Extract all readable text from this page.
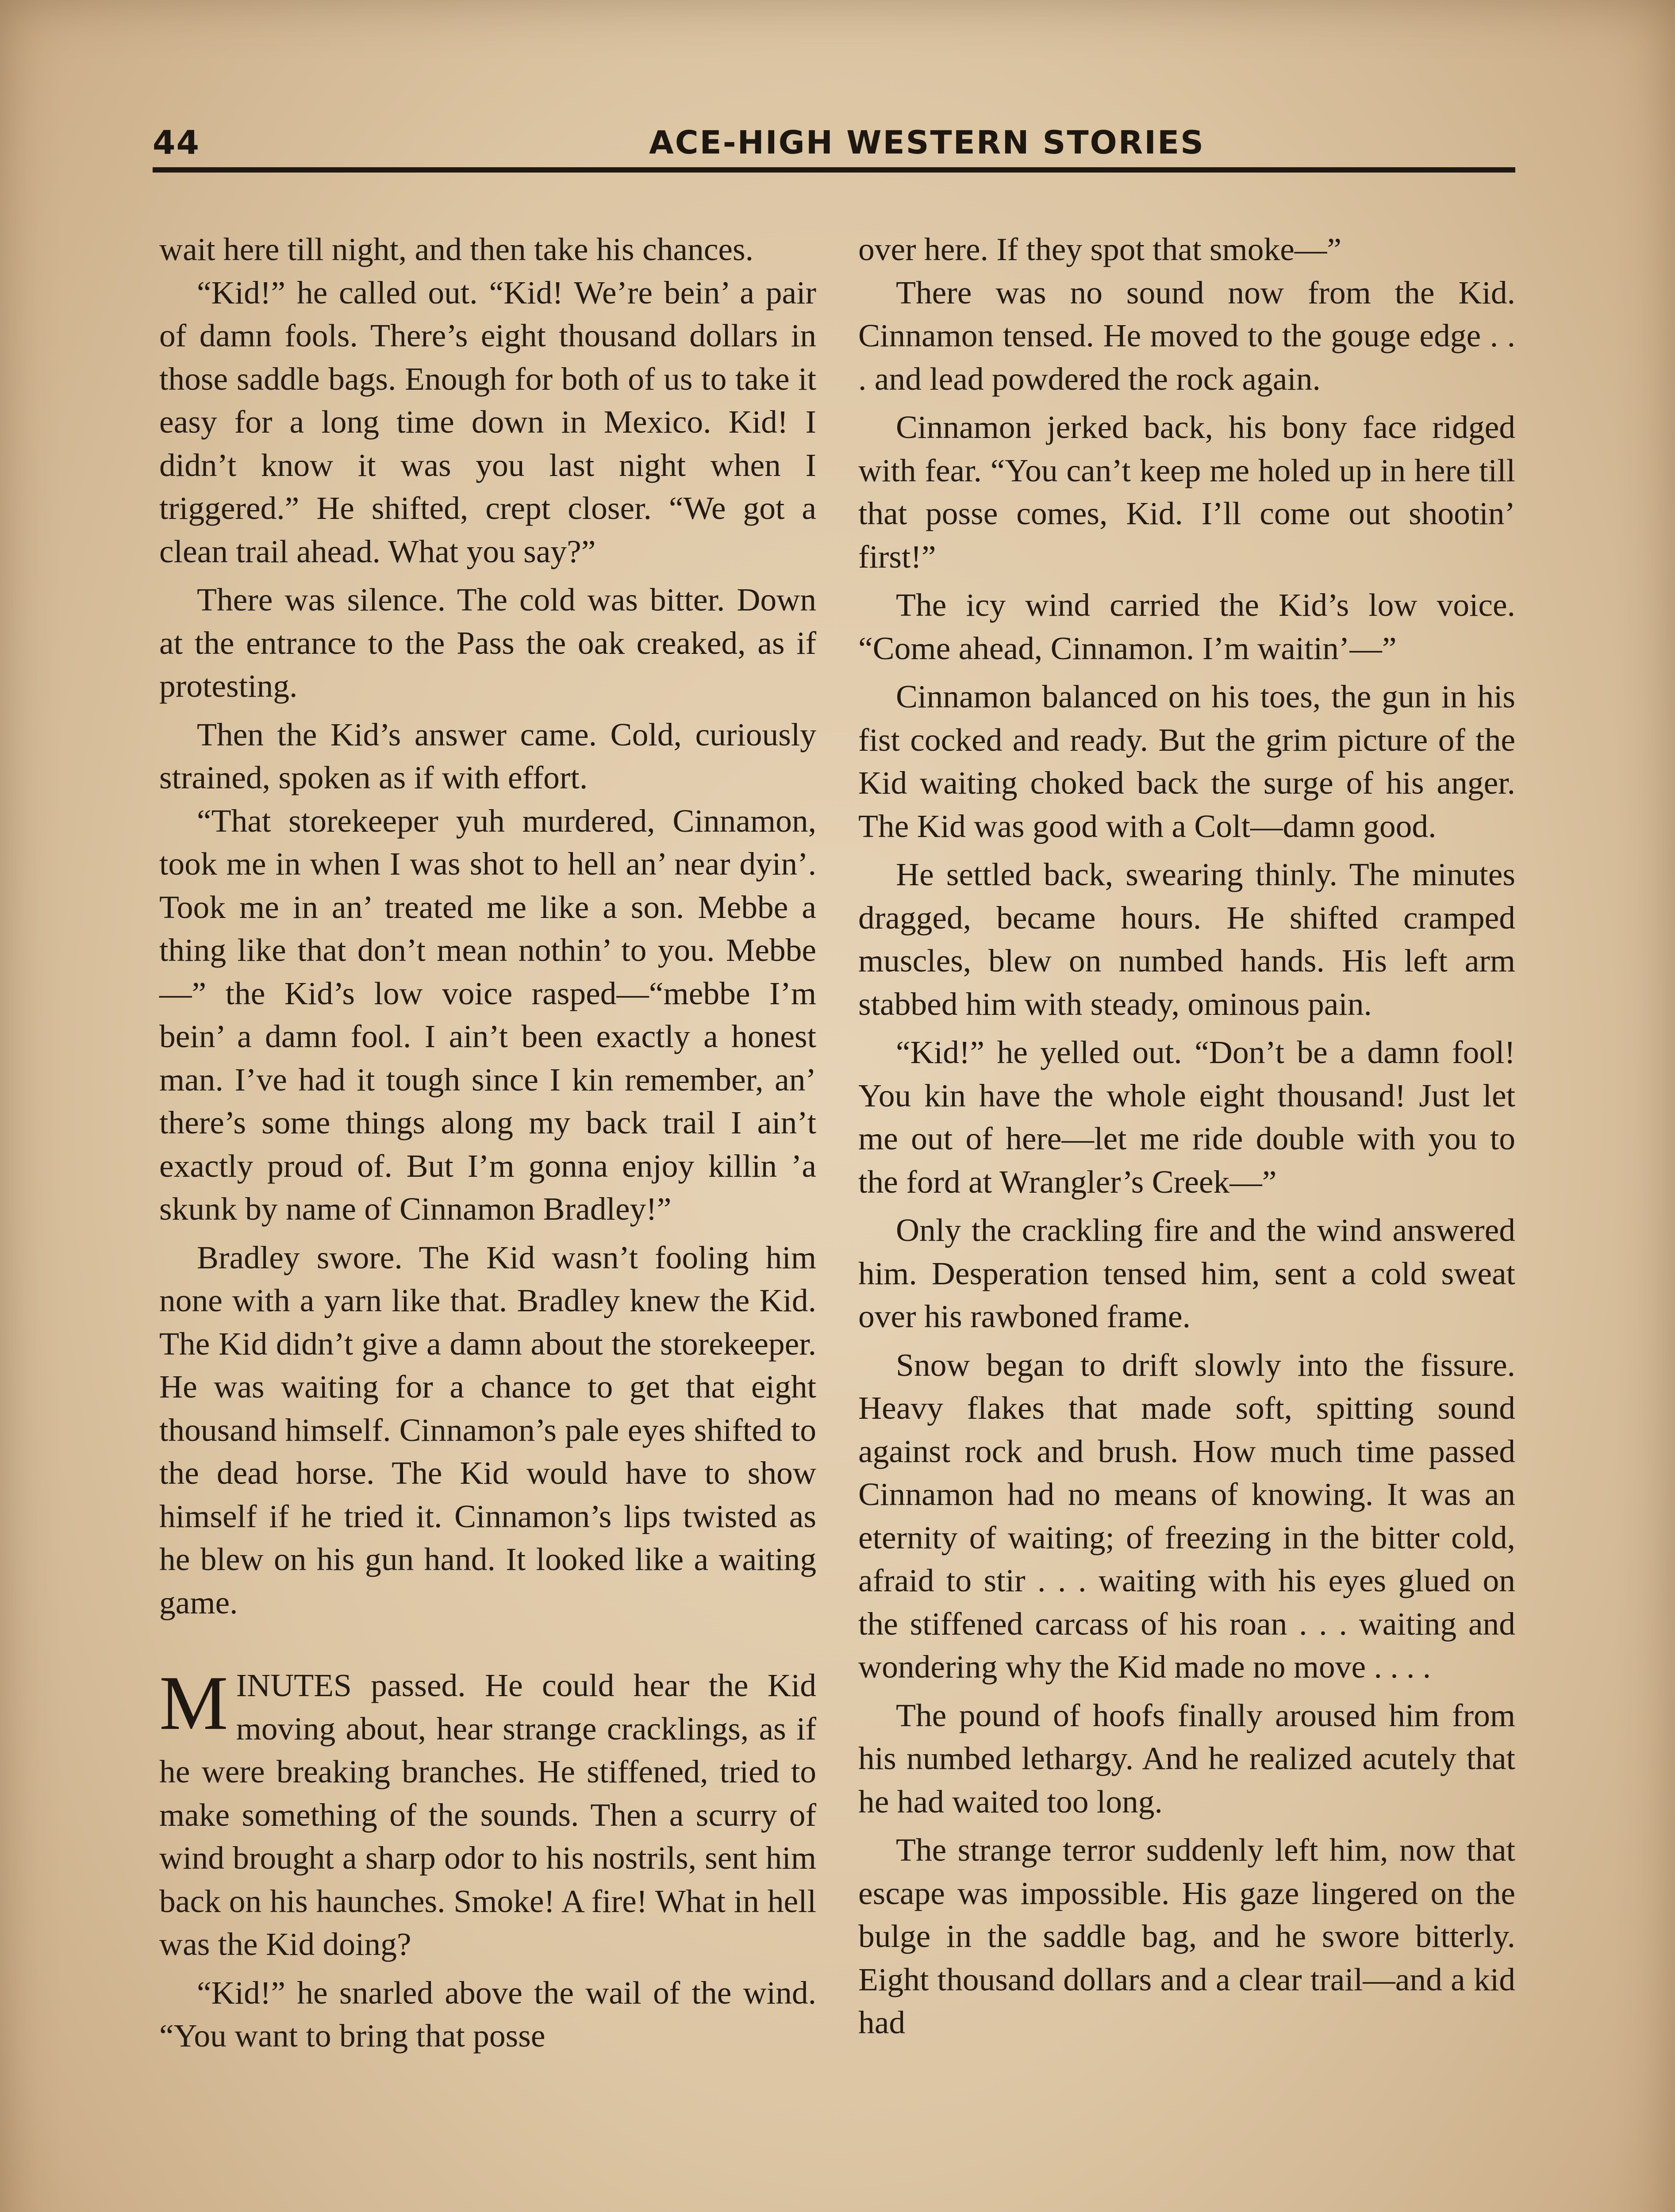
44	ACE-HIGH WESTERN STORIES

wait here till night, and then take his chances.

“Kid!” he called out. “Kid! We’re bein’ a pair of damn fools. There’s eight thousand dollars in those saddle bags. Enough for both of us to take it easy for a long time down in Mexico. Kid! I didn’t know it was you last night when I triggered.” He shifted, crept closer. “We got a clean trail ahead. What you say?”

There was silence. The cold was bitter. Down at the entrance to the Pass the oak creaked, as if protesting.

Then the Kid’s answer came. Cold, curiously strained, spoken as if with effort.

“That storekeeper yuh murdered, Cinnamon, took me in when I was shot to hell an’ near dyin’. Took me in an’ treated me like a son. Mebbe a thing like that don’t mean nothin’ to you. Mebbe—” the Kid’s low voice rasped—“mebbe I’m bein’ a damn fool. I ain’t been exactly a honest man. I’ve had it tough since I kin remember, an’ there’s some things along my back trail I ain’t exactly proud of. But I’m gonna enjoy killin ’a skunk by name of Cinnamon Bradley!”

Bradley swore. The Kid wasn’t fooling him none with a yarn like that. Bradley knew the Kid. The Kid didn’t give a damn about the storekeeper. He was waiting for a chance to get that eight thousand himself. Cinnamon’s pale eyes shifted to the dead horse. The Kid would have to show himself if he tried it. Cinnamon’s lips twisted as he blew on his gun hand. It looked like a waiting game.

MINUTES passed. He could hear the Kid moving about, hear strange cracklings, as if he were breaking branches. He stiffened, tried to make something of the sounds. Then a scurry of wind brought a sharp odor to his nostrils, sent him back on his haunches. Smoke! A fire! What in hell was the Kid doing?

“Kid!” he snarled above the wail of the wind. “You want to bring that posse

over here. If they spot that smoke—”

There was no sound now from the Kid. Cinnamon tensed. He moved to the gouge edge . . . and lead powdered the rock again.

Cinnamon jerked back, his bony face ridged with fear. “You can’t keep me holed up in here till that posse comes, Kid. I’ll come out shootin’ first!”

The icy wind carried the Kid’s low voice. “Come ahead, Cinnamon. I’m waitin’—”

Cinnamon balanced on his toes, the gun in his fist cocked and ready. But the grim picture of the Kid waiting choked back the surge of his anger. The Kid was good with a Colt—damn good.

He settled back, swearing thinly. The minutes dragged, became hours. He shifted cramped muscles, blew on numbed hands. His left arm stabbed him with steady, ominous pain.

“Kid!” he yelled out. “Don’t be a damn fool! You kin have the whole eight thousand! Just let me out of here—let me ride double with you to the ford at Wrangler’s Creek—”

Only the crackling fire and the wind answered him. Desperation tensed him, sent a cold sweat over his rawboned frame.

Snow began to drift slowly into the fissure. Heavy flakes that made soft, spitting sound against rock and brush. How much time passed Cinnamon had no means of knowing. It was an eternity of waiting; of freezing in the bitter cold, afraid to stir . . . waiting with his eyes glued on the stiffened carcass of his roan . . . waiting and wondering why the Kid made no move . . . .

The pound of hoofs finally aroused him from his numbed lethargy. And he realized acutely that he had waited too long.

The strange terror suddenly left him, now that escape was impossible. His gaze lingered on the bulge in the saddle bag, and he swore bitterly. Eight thousand dollars and a clear trail—and a kid had
